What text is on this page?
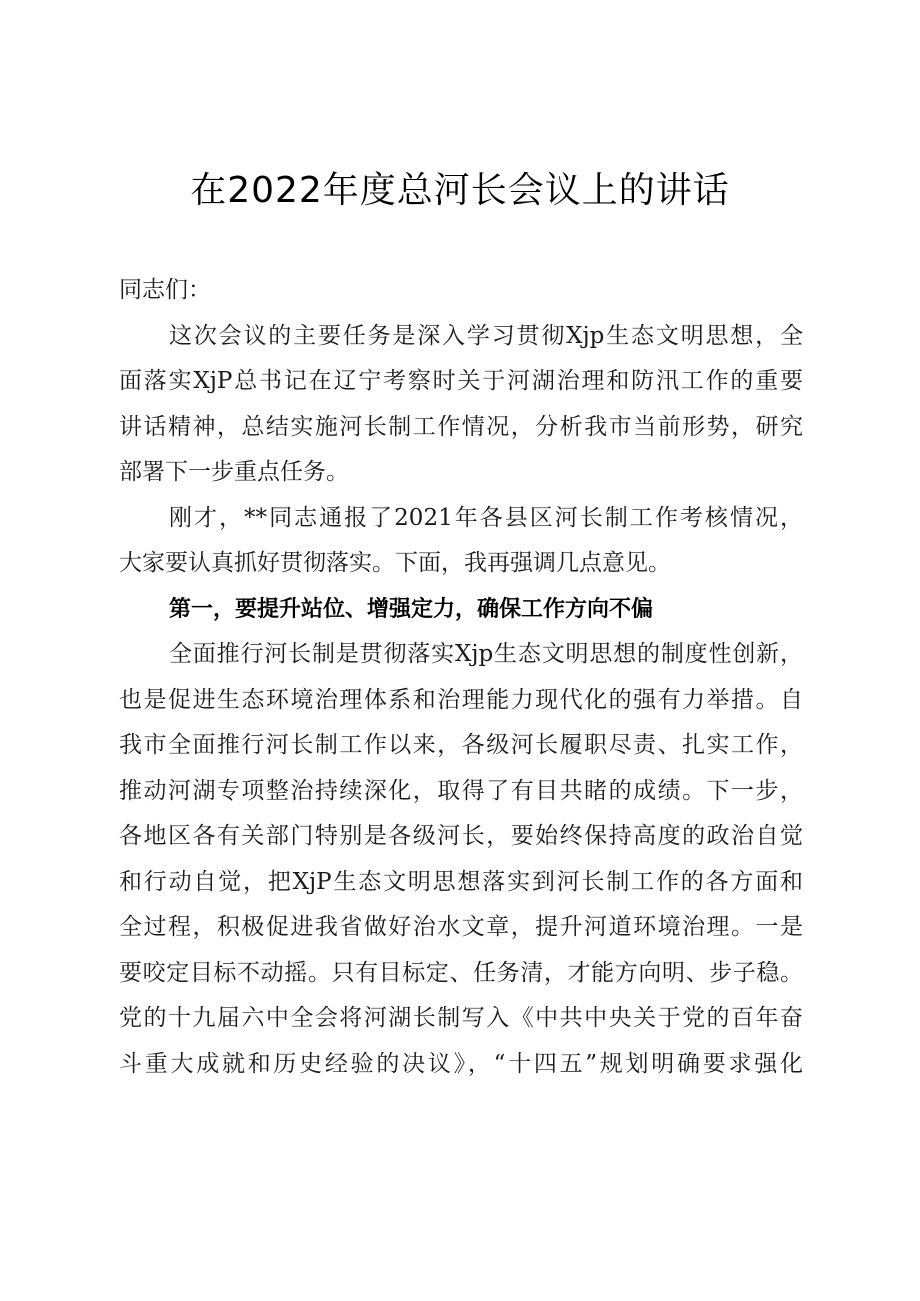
在2022年度总河长会议上的讲话
同志们：
这次会议的主要任务是深入学习贯彻Xjp生态文明思想，全
面落实XjP总书记在辽宁考察时关于河湖治理和防汛工作的重要
讲话精神，总结实施河长制工作情况，分析我市当前形势，研究
部署下一步重点任务。
刚才，**同志通报了2021年各县区河长制工作考核情况，
大家要认真抓好贯彻落实。下面，我再强调几点意见。
第一，要提升站位、增强定力，确保工作方向不偏
全面推行河长制是贯彻落实Xjp生态文明思想的制度性创新，
也是促进生态环境治理体系和治理能力现代化的强有力举措。自
我市全面推行河长制工作以来，各级河长履职尽责、扎实工作，
推动河湖专项整治持续深化，取得了有目共睹的成绩。下一步，
各地区各有关部门特别是各级河长，要始终保持高度的政治自觉
和行动自觉，把XjP生态文明思想落实到河长制工作的各方面和
全过程，积极促进我省做好治水文章，提升河道环境治理。一是
要咬定目标不动摇。只有目标定、任务清，才能方向明、步子稳。
党的十九届六中全会将河湖长制写入《中共中央关于党的百年奋
斗重大成就和历史经验的决议》，“十四五”规划明确要求强化
